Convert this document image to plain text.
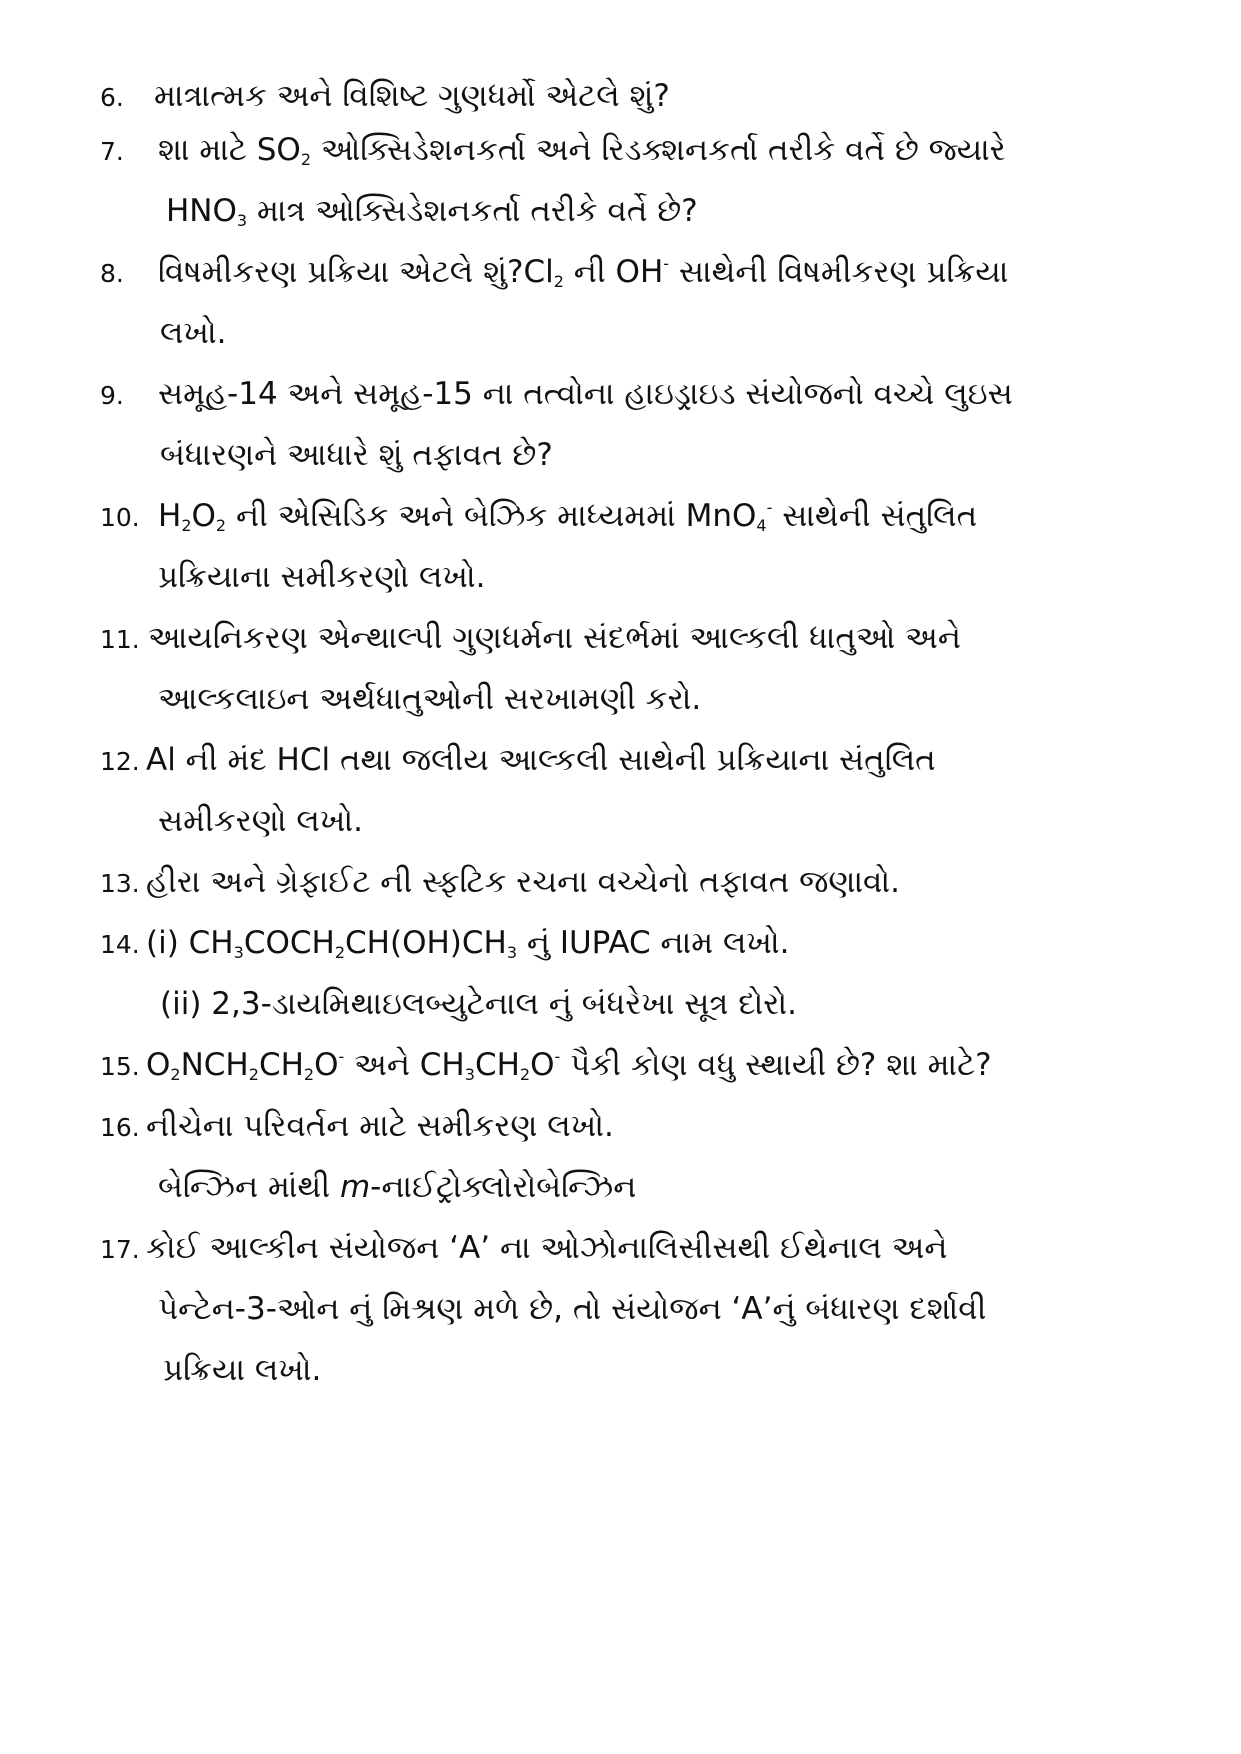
6. માત્રાત્મક અને વિશિષ્ટ ગુણધર્મો એટલે શું?
7. શા માટે $SO_2$ ઓક્સિડેશનકર્તા અને રિડક્શનકર્તા તરીકે વર્તે છે જ્યારે
$HNO_3$ માત્ર ઓક્સિડેશનકર્તા તરીકે વર્તે છે?
8. વિષમીકરણ પ્રક્રિયા એટલે $શું?Cl_2$ ની OH- સાથેની વિષમીકરણ પ્રક્રિયા
લખો.
9. સમૂહ-14 અને સમૂહ-15 ના તત્વોના હાઇડ્રાઇડ સંયોજનો વચ્ચે લુઇસ
બંધારણને આધારે શું તફાવત છે?
10. $H_2O_2$ ની એસિડિક અને બેઝિક માધ્યમમાં MnO$_4$- સાથેની સંતુલિત
પ્રક્રિયાના સમીકરણો લખો.
11. આયનિકરણ એન્થાલ્પી ગુણધર્મના સંદર્ભમાં આલ્કલી ધાતુઓ અને
આલ્કલાઇન અર્થધાતુઓની સરખામણી કરો.
12. Al ની મંદ HCl તથા જલીય આલ્કલી સાથેની પ્રક્રિયાના સંતુલિત
સમીકરણો લખો.
13. હીરા અને ગ્રેફાઈટ ની સ્ફટિક રચના વચ્ચેનો તફાવત જણાવો.
14. (i) $CH_3COCH_2CH(OH)CH_3$ નું IUPAC નામ લખો.
(ii) 2,3-ડાયમિથાઇલબ્યુટેનાલ નું બંધરેખા સૂત્ર દોરો.
15. $O_2NCH_2CH_2O^-$ અને $CH_3CH_2O^-$ પૈકી કોણ વધુ સ્થાયી છે? શા માટે?
16. નીચેના પરિવર્તન માટે સમીકરણ લખો.
બેન્ઝિન માંથી m-નાઈટ્રોક્લોરોબેન્ઝિન
17. કોઈ આલ્કીન સંયોજન ‘A’ ના ઓઝોનાલિસીસથી ઈથેનાલ અને
પેન્ટેન-3-ઓન નું મિશ્રણ મળે છે, તો સંયોજન ‘A’નું બંધારણ દર્શાવી
પ્રક્રિયા લખો.
